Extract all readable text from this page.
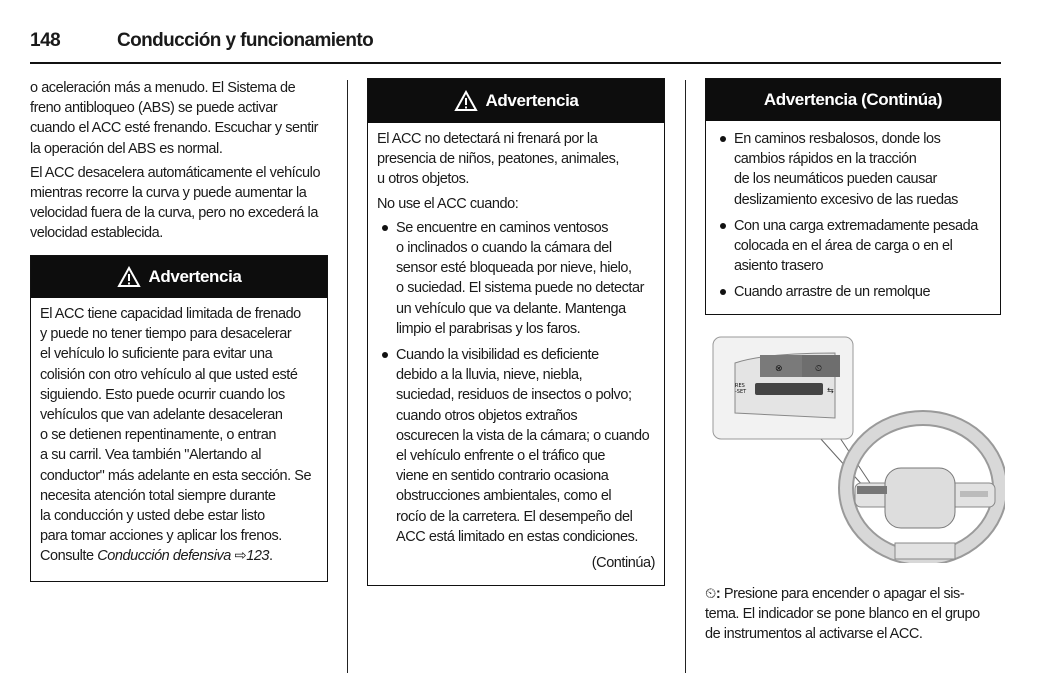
148	Conducción y funcionamiento

o aceleración más a menudo. El Sistema de
freno antibloqueo (ABS) se puede activar
cuando el ACC esté frenando. Escuchar y sentir
la operación del ABS es normal.

El ACC desacelera automáticamente el vehículo
mientras recorre la curva y puede aumentar la
velocidad fuera de la curva, pero no excederá la
velocidad establecida.

Advertencia
El ACC tiene capacidad limitada de frenado
y puede no tener tiempo para desacelerar
el vehículo lo suficiente para evitar una
colisión con otro vehículo al que usted esté
siguiendo. Esto puede ocurrir cuando los
vehículos que van adelante desaceleran
o se detienen repentinamente, o entran
a su carril. Vea también "Alertando al
conductor" más adelante en esta sección. Se
necesita atención total siempre durante
la conducción y usted debe estar listo
para tomar acciones y aplicar los frenos.
Consulte Conducción defensiva ⇨123.
Advertencia

El ACC no detectará ni frenará por la
presencia de niños, peatones, animales,
u otros objetos.

No use el ACC cuando:

Se encuentre en caminos ventosos
o inclinados o cuando la cámara del
sensor esté bloqueada por nieve, hielo,
o suciedad. El sistema puede no detectar
un vehículo que va delante. Mantenga
limpio el parabrisas y los faros.
Cuando la visibilidad es deficiente
debido a la lluvia, nieve, niebla,
suciedad, residuos de insectos o polvo;
cuando otros objetos extraños
oscurecen la vista de la cámara; o cuando
el vehículo enfrente o el tráfico que
viene en sentido contrario ocasiona
obstrucciones ambientales, como el
rocío de la carretera. El desempeño del
ACC está limitado en estas condiciones.
(Continúa)
Advertencia (Continúa)
En caminos resbalosos, donde los
cambios rápidos en la tracción
de los neumáticos pueden causar
deslizamiento excesivo de las ruedas
Con una carga extremadamente pesada
colocada en el área de carga o en el
asiento trasero
Cuando arrastre de un remolque
⊗	⏲
RES -SET	⇆
⏲: Presione para encender o apagar el sis-
tema. El indicador se pone blanco en el grupo
de instrumentos al activarse el ACC.
